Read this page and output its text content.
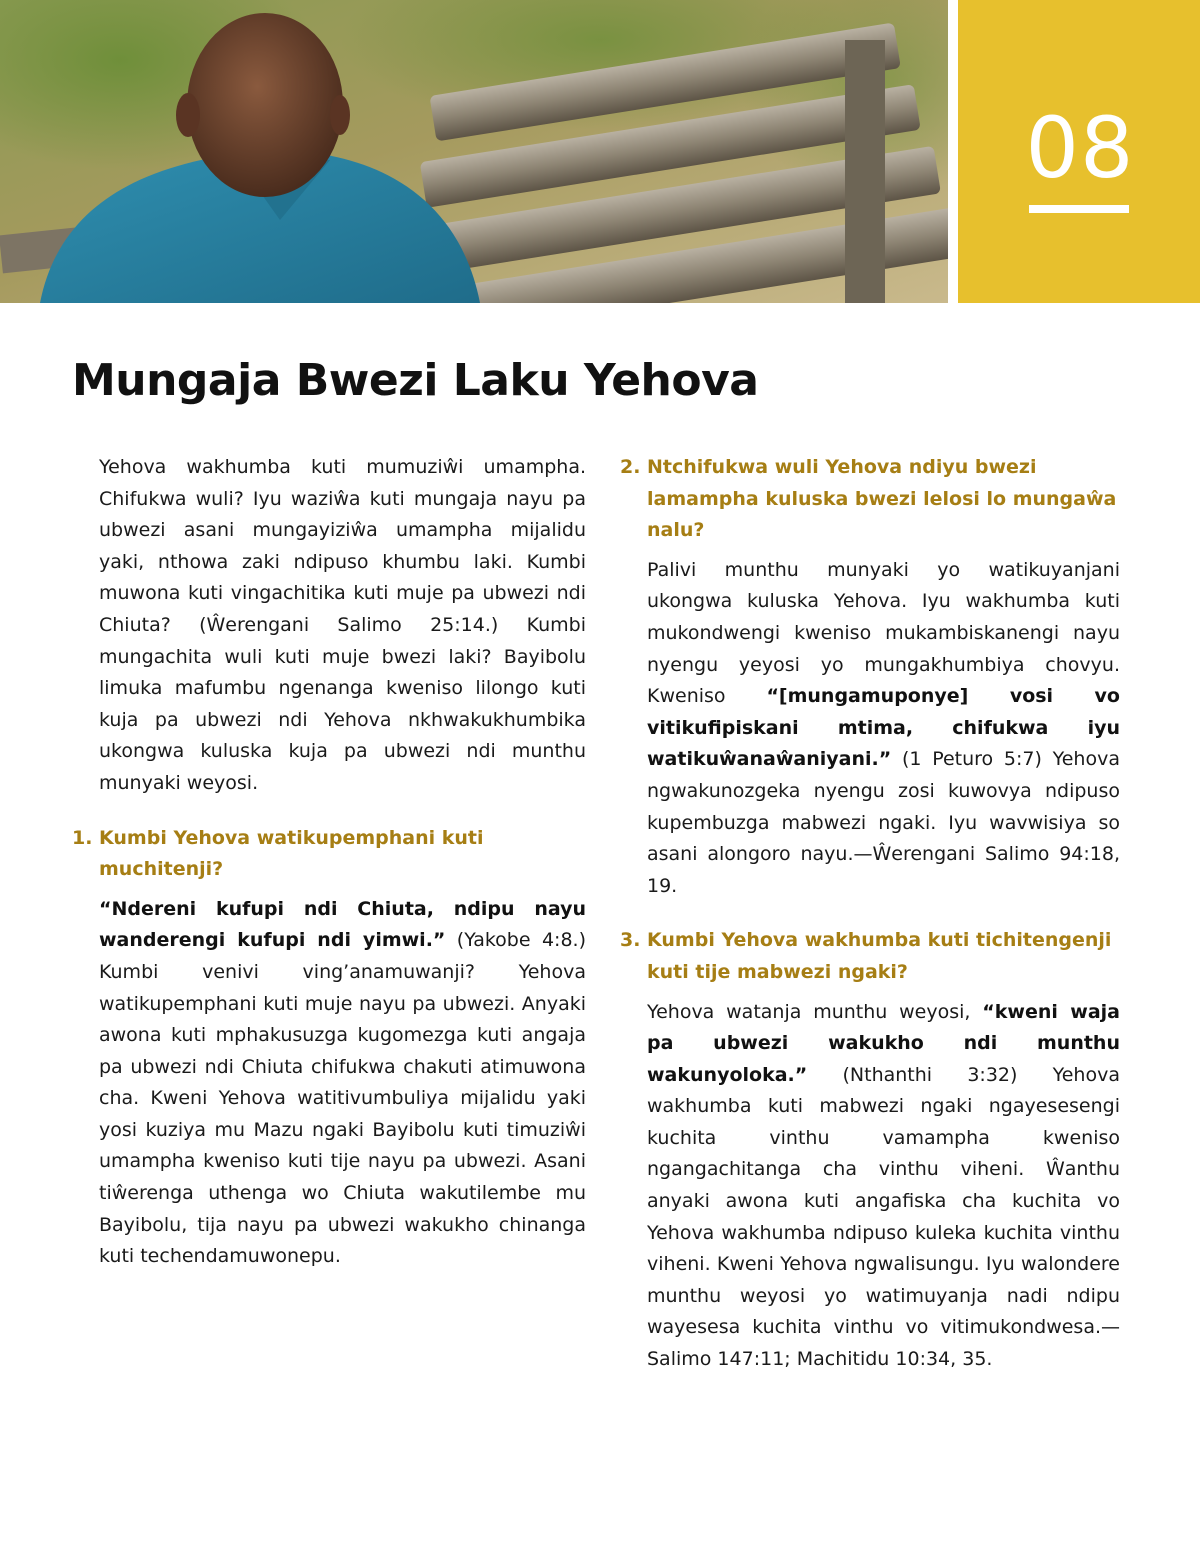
08
Mungaja Bwezi Laku Yehova

Yehova wakhumba kuti mumuziŵi umampha. Chifukwa wuli? Iyu waziŵa kuti mungaja nayu pa ubwezi asani mungayiziŵa umampha mijalidu yaki, nthowa zaki ndipuso khumbu laki. Kumbi muwona kuti vingachitika kuti muje pa ubwezi ndi Chiuta? (Ŵerengani Salimo 25:14.) Kumbi mungachita wuli kuti muje bwezi laki? Bayibolu limuka mafumbu ngenanga kweniso lilongo kuti kuja pa ubwezi ndi Yehova nkhwakukhumbika ukongwa kuluska kuja pa ubwezi ndi munthu munyaki weyosi.

1. Kumbi Yehova watikupemphani kuti muchitenji?

“Ndereni kufupi ndi Chiuta, ndipu nayu wanderengi kufupi ndi yimwi.” (Yakobe 4:8.) Kumbi venivi ving’anamuwanji? Yehova watikupemphani kuti muje nayu pa ubwezi. Anyaki awona kuti mphakusuzga kugomezga kuti angaja pa ubwezi ndi Chiuta chifukwa chakuti atimuwona cha. Kweni Yehova watitivumbuliya mijalidu yaki yosi kuziya mu Mazu ngaki Bayibolu kuti timuziŵi umampha kweniso kuti tije nayu pa ubwezi. Asani tiŵerenga uthenga wo Chiuta wakutilembe mu Bayibolu, tija nayu pa ubwezi wakukho chinanga kuti techendamuwonepu.

2. Ntchifukwa wuli Yehova ndiyu bwezi lamampha kuluska bwezi lelosi lo mungaŵa nalu?

Palivi munthu munyaki yo watikuyanjani ukongwa kuluska Yehova. Iyu wakhumba kuti mukondwengi kweniso mukambiskanengi nayu nyengu yeyosi yo mungakhumbiya chovyu. Kweniso “[mungamuponye] vosi vo vitikufipiskani mtima, chifukwa iyu watikuŵanaŵaniyani.” (1 Peturo 5:7) Yehova ngwakunozgeka nyengu zosi kuwovya ndipuso kupembuzga mabwezi ngaki. Iyu wavwisiya so asani alongoro nayu.—Ŵerengani Salimo 94:18, 19.

3. Kumbi Yehova wakhumba kuti tichitengenji kuti tije mabwezi ngaki?

Yehova watanja munthu weyosi, “kweni waja pa ubwezi wakukho ndi munthu wakunyoloka.” (Nthanthi 3:32) Yehova wakhumba kuti mabwezi ngaki ngayesesengi kuchita vinthu vamampha kweniso ngangachitanga cha vinthu viheni. Ŵanthu anyaki awona kuti angafiska cha kuchita vo Yehova wakhumba ndipuso kuleka kuchita vinthu viheni. Kweni Yehova ngwalisungu. Iyu walondere munthu weyosi yo watimuyanja nadi ndipu wayesesa kuchita vinthu vo vitimukondwesa.—Salimo 147:11; Machitidu 10:34, 35.
